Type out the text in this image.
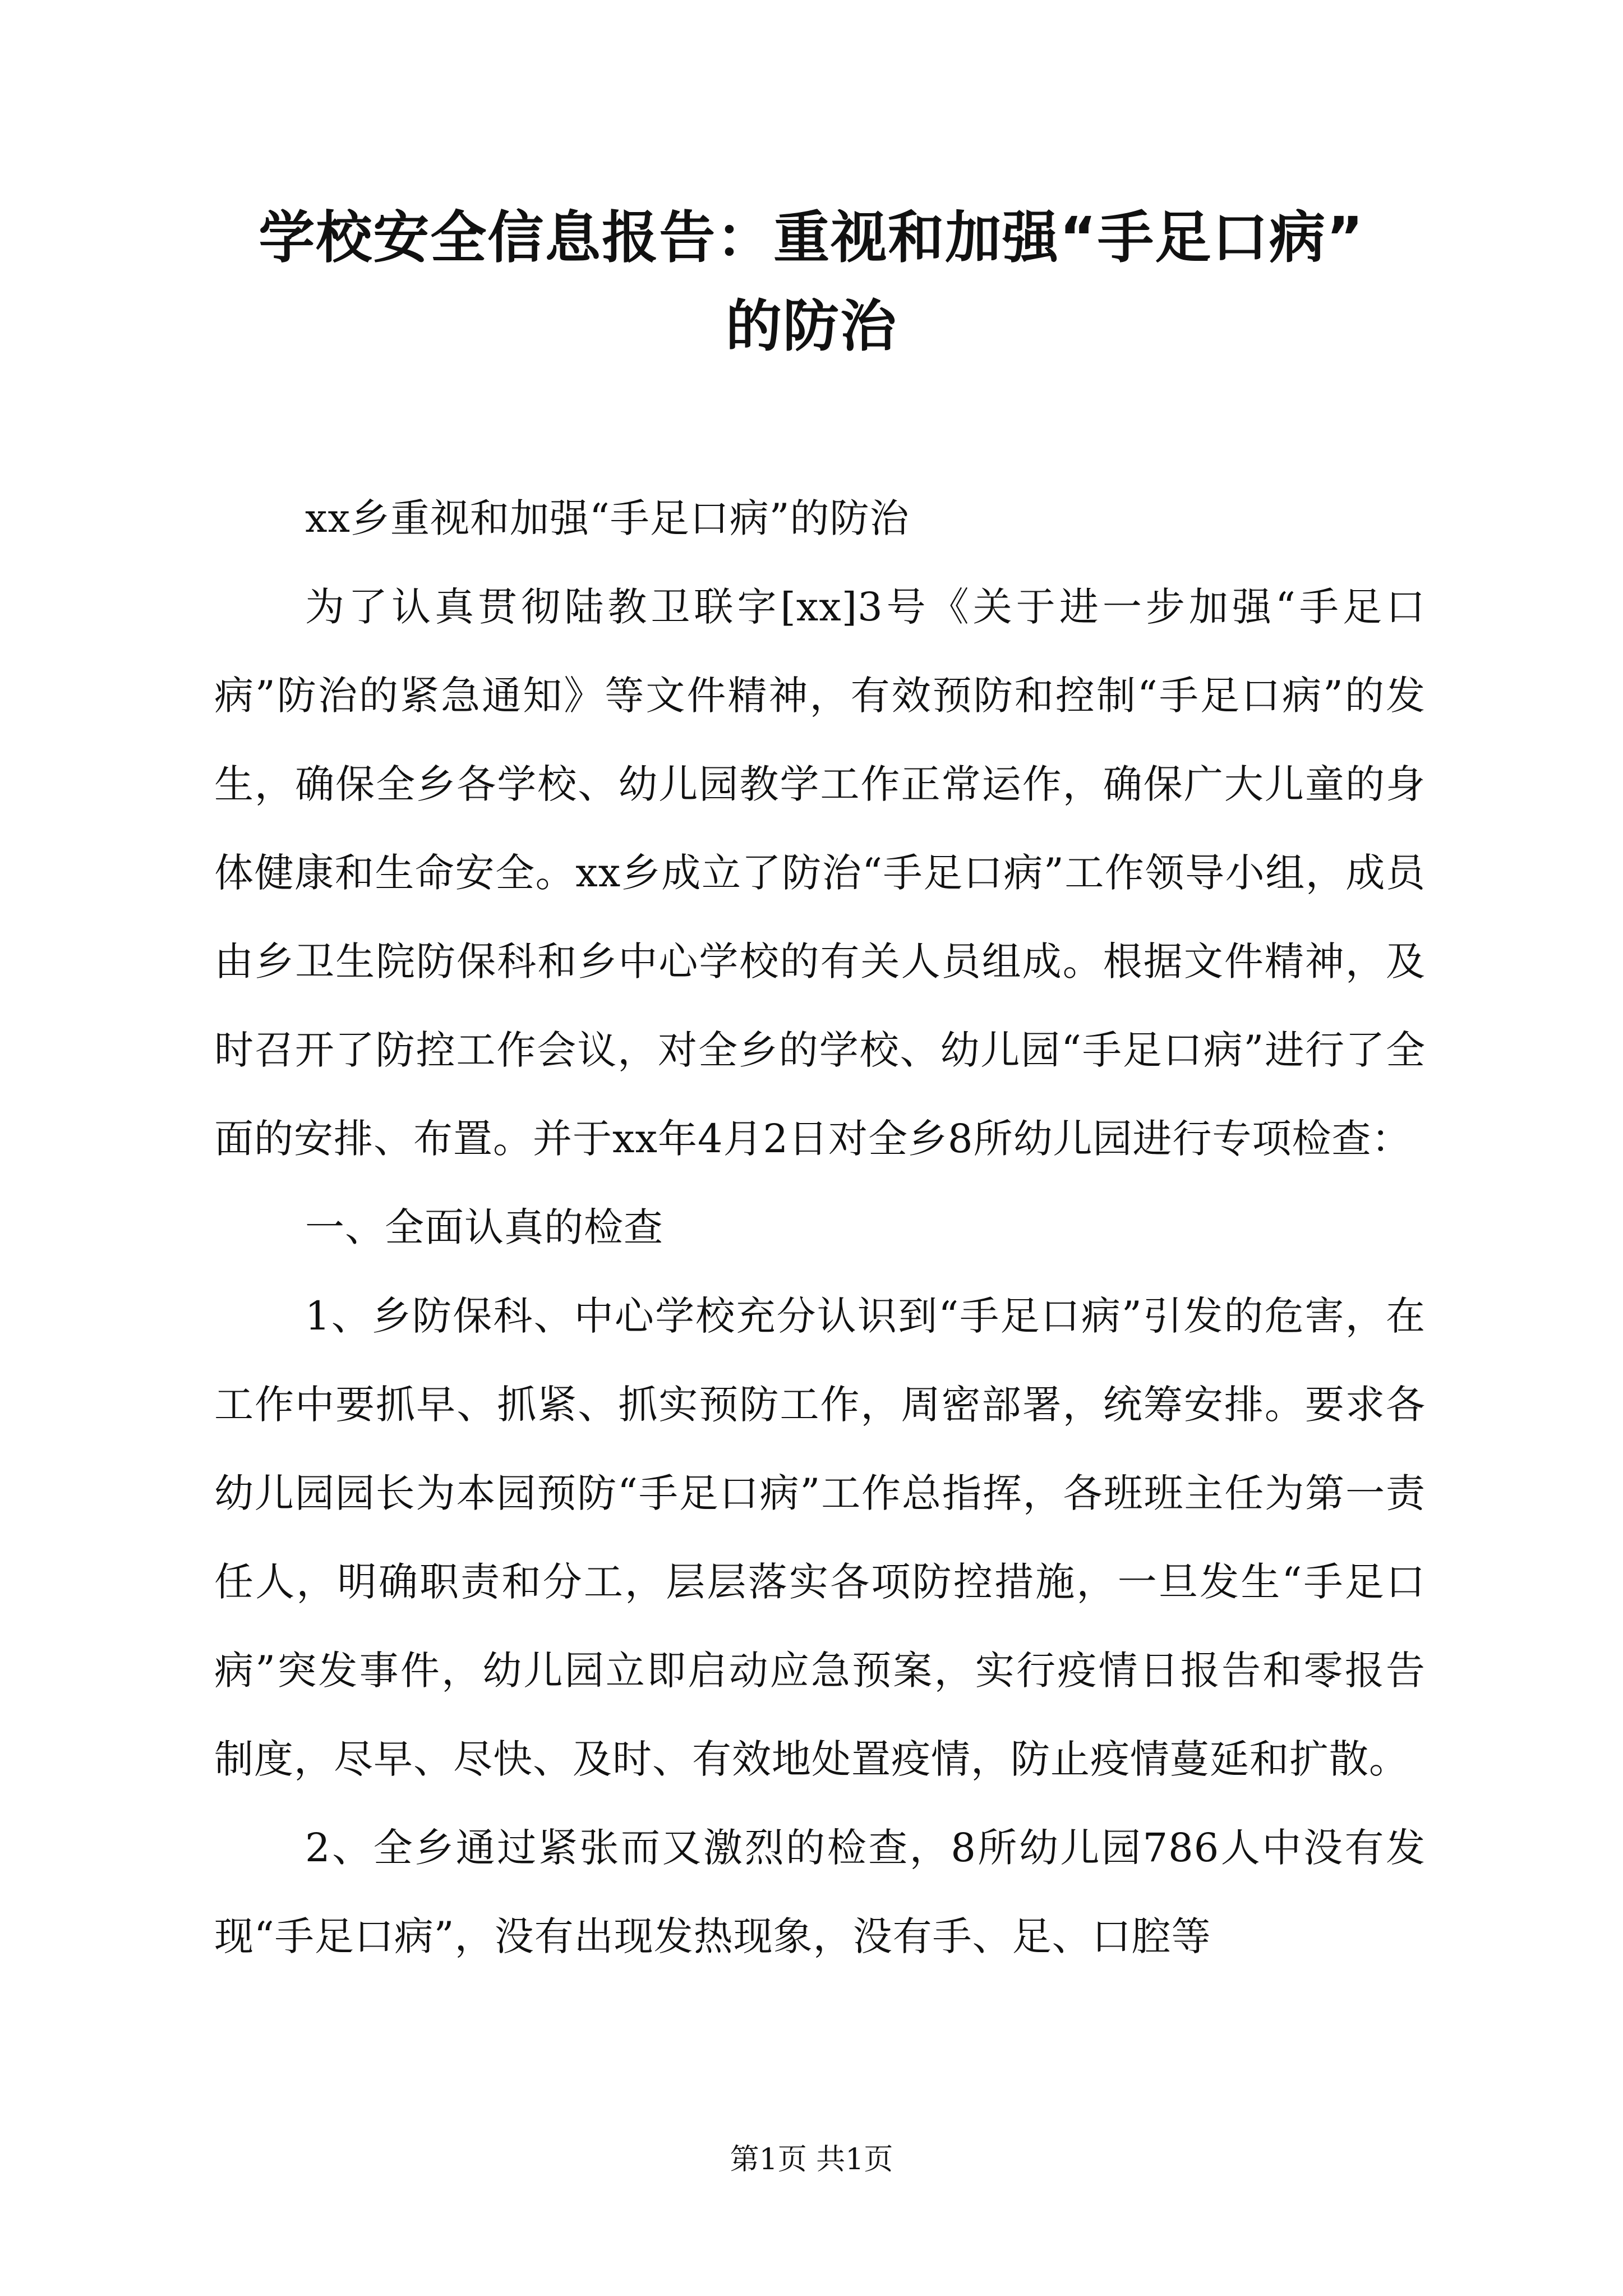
学校安全信息报告：重视和加强“手足口病”
的防治

xx乡重视和加强“手足口病”的防治

为了认真贯彻陆教卫联字[xx]3号《关于进一步加强“手足口病”防治的紧急通知》等文件精神，有效预防和控制“手足口病”的发生，确保全乡各学校、幼儿园教学工作正常运作，确保广大儿童的身体健康和生命安全。xx乡成立了防治“手足口病”工作领导小组，成员由乡卫生院防保科和乡中心学校的有关人员组成。根据文件精神，及时召开了防控工作会议，对全乡的学校、幼儿园“手足口病”进行了全面的安排、布置。并于xx年4月2日对全乡8所幼儿园进行专项检查：

一、全面认真的检查

1、乡防保科、中心学校充分认识到“手足口病”引发的危害，在工作中要抓早、抓紧、抓实预防工作，周密部署，统筹安排。要求各幼儿园园长为本园预防“手足口病”工作总指挥，各班班主任为第一责任人，明确职责和分工，层层落实各项防控措施，一旦发生“手足口病”突发事件，幼儿园立即启动应急预案，实行疫情日报告和零报告制度，尽早、尽快、及时、有效地处置疫情，防止疫情蔓延和扩散。

2、全乡通过紧张而又激烈的检查，8所幼儿园786人中没有发现“手足口病”，没有出现发热现象，没有手、足、口腔等

第1页 共1页
